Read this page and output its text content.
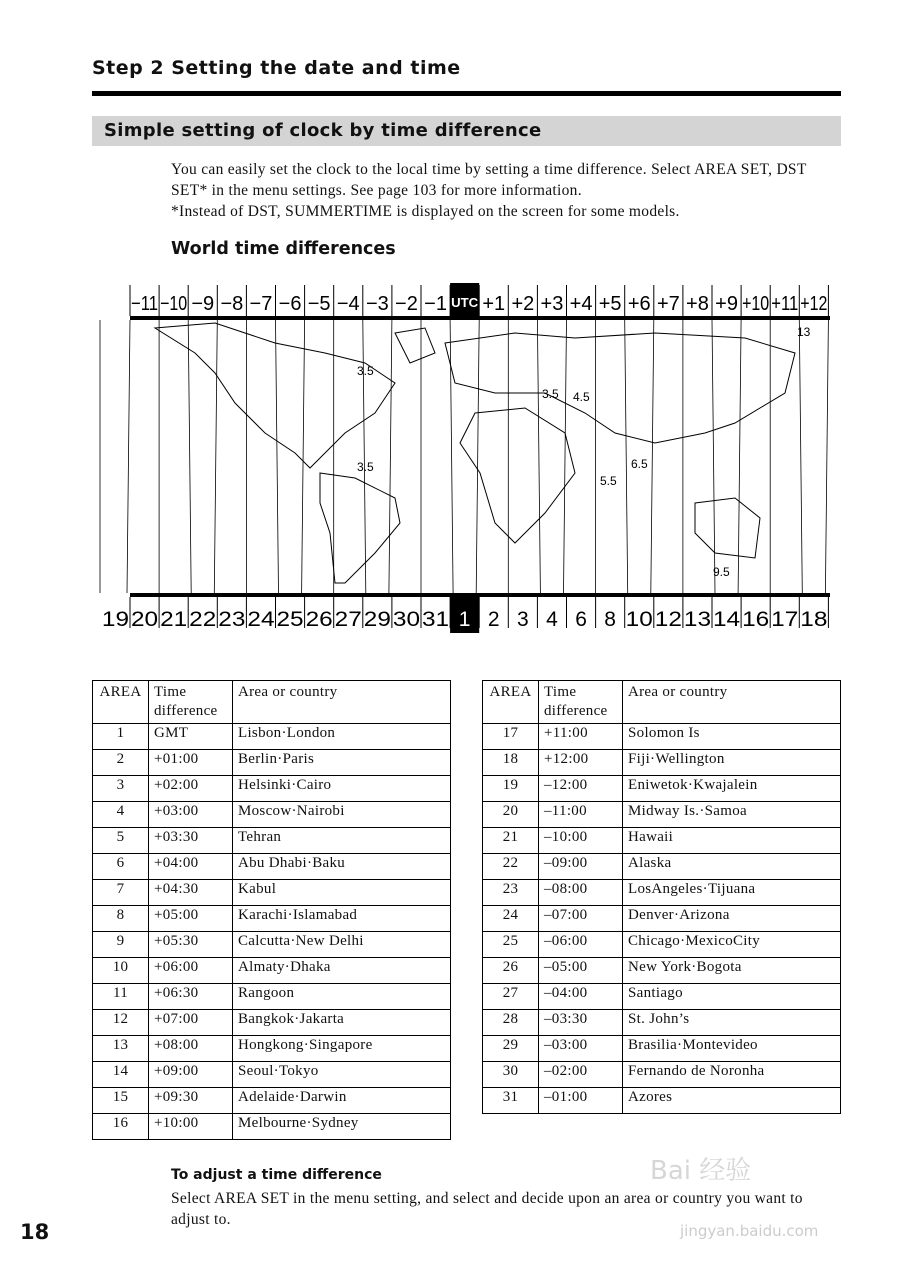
Step 2 Setting the date and time
Simple setting of clock by time difference
You can easily set the clock to the local time by setting a time difference. Select AREA SET, DST SET* in the menu settings. See page 103 for more information.
*Instead of DST, SUMMERTIME is displayed on the screen for some models.
World time differences
−11 −10 −9 −8 −7 −6 −5 −4 −3 −2 −1 UTC +1 +2 +3 +4 +5 +6 +7 +8 +9 +10 +11 +12
19 20 21 22 23 24 25 26 27 29 30 31 1 2 3 4 6 8 10 12 13 14 16 17 18
3.5
3.5
3.5 4.5
5.5
6.5
9.5
13
AREA	Time difference	Area or country
1	GMT	Lisbon·London
2	+01:00	Berlin·Paris
3	+02:00	Helsinki·Cairo
4	+03:00	Moscow·Nairobi
5	+03:30	Tehran
6	+04:00	Abu Dhabi·Baku
7	+04:30	Kabul
8	+05:00	Karachi·Islamabad
9	+05:30	Calcutta·New Delhi
10	+06:00	Almaty·Dhaka
11	+06:30	Rangoon
12	+07:00	Bangkok·Jakarta
13	+08:00	Hongkong·Singapore
14	+09:00	Seoul·Tokyo
15	+09:30	Adelaide·Darwin
16	+10:00	Melbourne·Sydney
AREA	Time difference	Area or country
17	+11:00	Solomon Is
18	+12:00	Fiji·Wellington
19	–12:00	Eniwetok·Kwajalein
20	–11:00	Midway Is.·Samoa
21	–10:00	Hawaii
22	–09:00	Alaska
23	–08:00	LosAngeles·Tijuana
24	–07:00	Denver·Arizona
25	–06:00	Chicago·MexicoCity
26	–05:00	New York·Bogota
27	–04:00	Santiago
28	–03:30	St. John’s
29	–03:00	Brasilia·Montevideo
30	–02:00	Fernando de Noronha
31	–01:00	Azores
To adjust a time difference
Select AREA SET in the menu setting, and select and decide upon an area or country you want to adjust to.
18
Bai 经验
jingyan.baidu.com
